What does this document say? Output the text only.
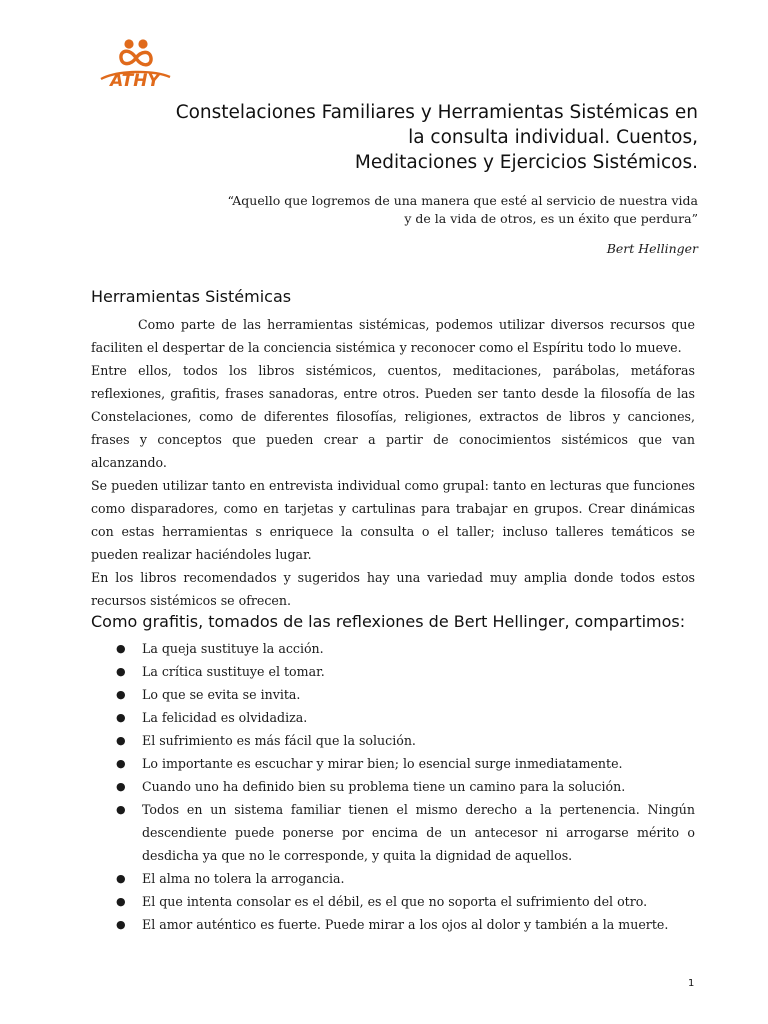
ATHY
Constelaciones Familiares y Herramientas Sistémicas en
la consulta individual. Cuentos,
Meditaciones y Ejercicios Sistémicos.
“Aquello que logremos de una manera que esté al servicio de nuestra vida
y de la vida de otros, es un éxito que perdura”
Bert Hellinger
Herramientas Sistémicas

Como parte de las herramientas sistémicas, podemos utilizar diversos recursos que faciliten el despertar de la conciencia sistémica y reconocer como el Espíritu todo lo mueve.

Entre ellos, todos los libros sistémicos, cuentos, meditaciones, parábolas, metáforas reflexiones, grafitis, frases sanadoras, entre otros. Pueden ser tanto desde la filosofía de las Constelaciones, como de diferentes filosofías, religiones, extractos de libros y canciones, frases y conceptos que pueden crear a partir de conocimientos sistémicos que van alcanzando.

Se pueden utilizar tanto en entrevista individual como grupal: tanto en lecturas que funciones como disparadores, como en tarjetas y cartulinas para trabajar en grupos. Crear dinámicas con estas herramientas s enriquece la consulta o el taller; incluso talleres temáticos se pueden realizar haciéndoles lugar.

En los libros recomendados y sugeridos hay una variedad muy amplia donde todos estos recursos sistémicos se ofrecen.

Como grafitis, tomados de las reflexiones de Bert Hellinger, compartimos:
● La queja sustituye la acción.
● La crítica sustituye el tomar.
● Lo que se evita se invita.
● La felicidad es olvidadiza.
● El sufrimiento es más fácil que la solución.
● Lo importante es escuchar y mirar bien; lo esencial surge inmediatamente.
● Cuando uno ha definido bien su problema tiene un camino para la solución.
● Todos en un sistema familiar tienen el mismo derecho a la pertenencia. Ningún descendiente puede ponerse por encima de un antecesor ni arrogarse mérito o desdicha ya que no le corresponde, y quita la dignidad de aquellos.
● El alma no tolera la arrogancia.
● El que intenta consolar es el débil, es el que no soporta el sufrimiento del otro.
● El amor auténtico es fuerte. Puede mirar a los ojos al dolor y también a la muerte.
1
